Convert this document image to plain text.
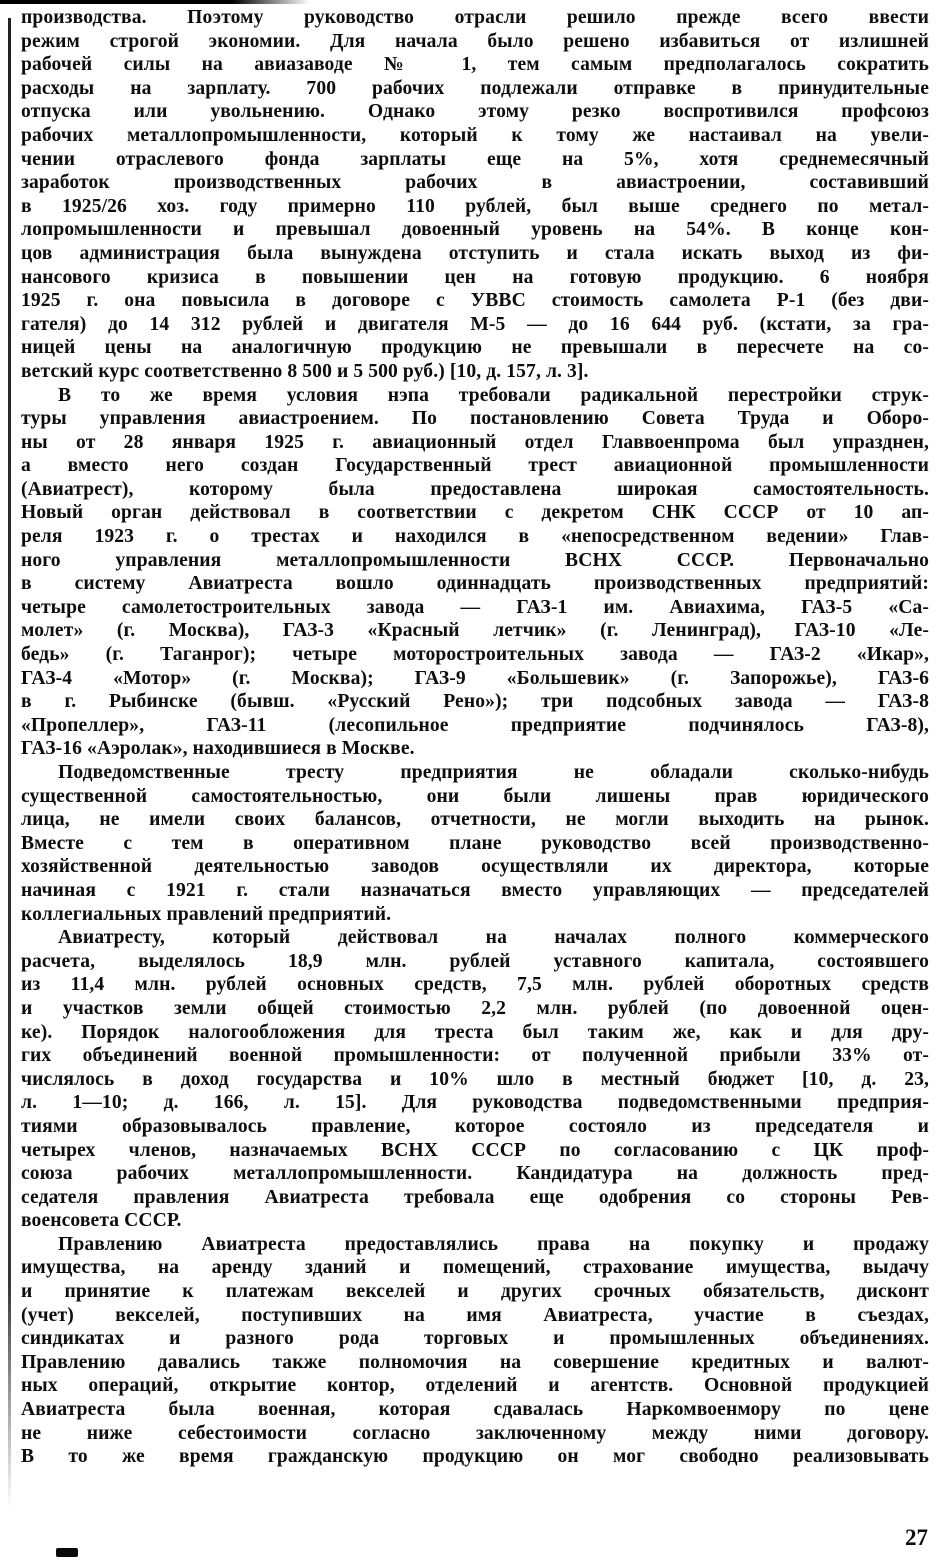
производства. Поэтому руководство отрасли решило прежде всего ввести
режим строгой экономии. Для начала было решено избавиться от излишней
рабочей силы на авиазаводе № 1, тем самым предполагалось сократить
расходы на зарплату. 700 рабочих подлежали отправке в принудительные
отпуска или увольнению. Однако этому резко воспротивился профсоюз
рабочих металлопромышленности, который к тому же настаивал на увели-
чении отраслевого фонда зарплаты еще на 5%, хотя среднемесячный
заработок производственных рабочих в авиастроении, составивший
в 1925/26 хоз. году примерно 110 рублей, был выше среднего по метал-
лопромышленности и превышал довоенный уровень на 54%. В конце кон-
цов администрация была вынуждена отступить и стала искать выход из фи-
нансового кризиса в повышении цен на готовую продукцию. 6 ноября
1925 г. она повысила в договоре с УВВС стоимость самолета Р-1 (без дви-
гателя) до 14 312 рублей и двигателя М-5 — до 16 644 руб. (кстати, за гра-
ницей цены на аналогичную продукцию не превышали в пересчете на со-
ветский курс соответственно 8 500 и 5 500 руб.) [10, д. 157, л. 3].
В то же время условия нэпа требовали радикальной перестройки струк-
туры управления авиастроением. По постановлению Совета Труда и Оборо-
ны от 28 января 1925 г. авиационный отдел Главвоенпрома был упразднен,
а вместо него создан Государственный трест авиационной промышленности
(Авиатрест), которому была предоставлена широкая самостоятельность.
Новый орган действовал в соответствии с декретом СНК СССР от 10 ап-
реля 1923 г. о трестах и находился в «непосредственном ведении» Глав-
ного управления металлопромышленности ВСНХ СССР. Первоначально
в систему Авиатреста вошло одиннадцать производственных предприятий:
четыре самолетостроительных завода — ГАЗ-1 им. Авиахима, ГАЗ-5 «Са-
молет» (г. Москва), ГАЗ-3 «Красный летчик» (г. Ленинград), ГАЗ-10 «Ле-
бедь» (г. Таганрог); четыре моторостроительных завода — ГАЗ-2 «Икар»,
ГАЗ-4 «Мотор» (г. Москва); ГАЗ-9 «Большевик» (г. Запорожье), ГАЗ-6
в г. Рыбинске (бывш. «Русский Рено»); три подсобных завода — ГАЗ-8
«Пропеллер», ГАЗ-11 (лесопильное предприятие подчинялось ГАЗ-8),
ГАЗ-16 «Аэролак», находившиеся в Москве.
Подведомственные тресту предприятия не обладали сколько-нибудь
существенной самостоятельностью, они были лишены прав юридического
лица, не имели своих балансов, отчетности, не могли выходить на рынок.
Вместе с тем в оперативном плане руководство всей производственно-
хозяйственной деятельностью заводов осуществляли их директора, которые
начиная с 1921 г. стали назначаться вместо управляющих — председателей
коллегиальных правлений предприятий.
Авиатресту, который действовал на началах полного коммерческого
расчета, выделялось 18,9 млн. рублей уставного капитала, состоявшего
из 11,4 млн. рублей основных средств, 7,5 млн. рублей оборотных средств
и участков земли общей стоимостью 2,2 млн. рублей (по довоенной оцен-
ке). Порядок налогообложения для треста был таким же, как и для дру-
гих объединений военной промышленности: от полученной прибыли 33% от-
числялось в доход государства и 10% шло в местный бюджет [10, д. 23,
л. 1—10; д. 166, л. 15]. Для руководства подведомственными предприя-
тиями образовывалось правление, которое состояло из председателя и
четырех членов, назначаемых ВСНХ СССР по согласованию с ЦК проф-
союза рабочих металлопромышленности. Кандидатура на должность пред-
седателя правления Авиатреста требовала еще одобрения со стороны Рев-
военсовета СССР.
Правлению Авиатреста предоставлялись права на покупку и продажу
имущества, на аренду зданий и помещений, страхование имущества, выдачу
и принятие к платежам векселей и других срочных обязательств, дисконт
(учет) векселей, поступивших на имя Авиатреста, участие в съездах,
синдикатах и разного рода торговых и промышленных объединениях.
Правлению давались также полномочия на совершение кредитных и валют-
ных операций, открытие контор, отделений и агентств. Основной продукцией
Авиатреста была военная, которая сдавалась Наркомвоенмору по цене
не ниже себестоимости согласно заключенному между ними договору.
В то же время гражданскую продукцию он мог свободно реализовывать
27
